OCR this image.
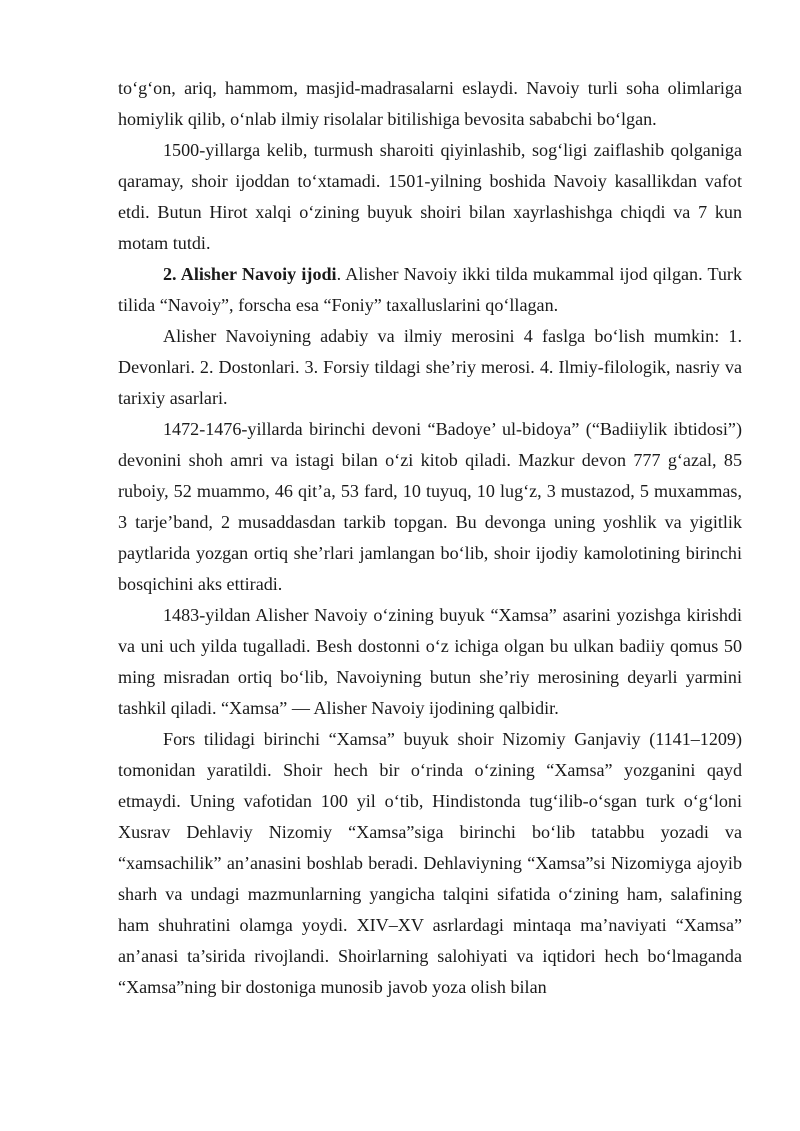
to‘g‘on, ariq, hammom, masjid-madrasalarni eslaydi. Navoiy turli soha olimlariga homiylik qilib, o‘nlab ilmiy risolalar bitilishiga bevosita sababchi bo‘lgan.

1500-yillarga kelib, turmush sharoiti qiyinlashib, sog‘ligi zaiflashib qolganiga qaramay, shoir ijoddan to‘xtamadi. 1501-yilning boshida Navoiy kasallikdan vafot etdi. Butun Hirot xalqi o‘zining buyuk shoiri bilan xayrlashishga chiqdi va 7 kun motam tutdi.

2. Alisher Navoiy ijodi. Alisher Navoiy ikki tilda mukammal ijod qilgan. Turk tilida “Navoiy”, forscha esa “Foniy” taxalluslarini qo‘llagan.

Alisher Navoiyning adabiy va ilmiy merosini 4 faslga bo‘lish mumkin: 1. Devonlari. 2. Dostonlari. 3. Forsiy tildagi she’riy merosi. 4. Ilmiy-filologik, nasriy va tarixiy asarlari.

1472-1476-yillarda birinchi devoni “Badoye’ ul-bidoya” (“Badiiylik ibtidosi”) devonini shoh amri va istagi bilan o‘zi kitob qiladi. Mazkur devon 777 g‘azal, 85 ruboiy, 52 muammo, 46 qit’a, 53 fard, 10 tuyuq, 10 lug‘z, 3 mustazod, 5 muxammas, 3 tarje’band, 2 musaddasdan tarkib topgan. Bu devonga uning yoshlik va yigitlik paytlarida yozgan ortiq she’rlari jamlangan bo‘lib, shoir ijodiy kamolotining birinchi bosqichini aks ettiradi.

1483-yildan Alisher Navoiy o‘zining buyuk “Xamsa” asarini yozishga kirishdi va uni uch yilda tugalladi. Besh dostonni o‘z ichiga olgan bu ulkan badiiy qomus 50 ming misradan ortiq bo‘lib, Navoiyning butun she’riy merosining deyarli yarmini tashkil qiladi. “Xamsa” — Alisher Navoiy ijodining qalbidir.

Fors tilidagi birinchi “Xamsa” buyuk shoir Nizomiy Ganjaviy (1141–1209) tomonidan yaratildi. Shoir hech bir o‘rinda o‘zining “Xamsa” yozganini qayd etmaydi. Uning vafotidan 100 yil o‘tib, Hindistonda tug‘ilib-o‘sgan turk o‘g‘loni Xusrav Dehlaviy Nizomiy “Xamsa”siga birinchi bo‘lib tatabbu yozadi va “xamsachilik” an’anasini boshlab beradi. Dehlaviyning “Xamsa”si Nizomiyga ajoyib sharh va undagi mazmunlarning yangicha talqini sifatida o‘zining ham, salafining ham shuhratini olamga yoydi. XIV–XV asrlardagi mintaqa ma’naviyati “Xamsa” an’anasi ta’sirida rivojlandi. Shoirlarning salohiyati va iqtidori hech bo‘lmaganda “Xamsa”ning bir dostoniga munosib javob yoza olish bilan
